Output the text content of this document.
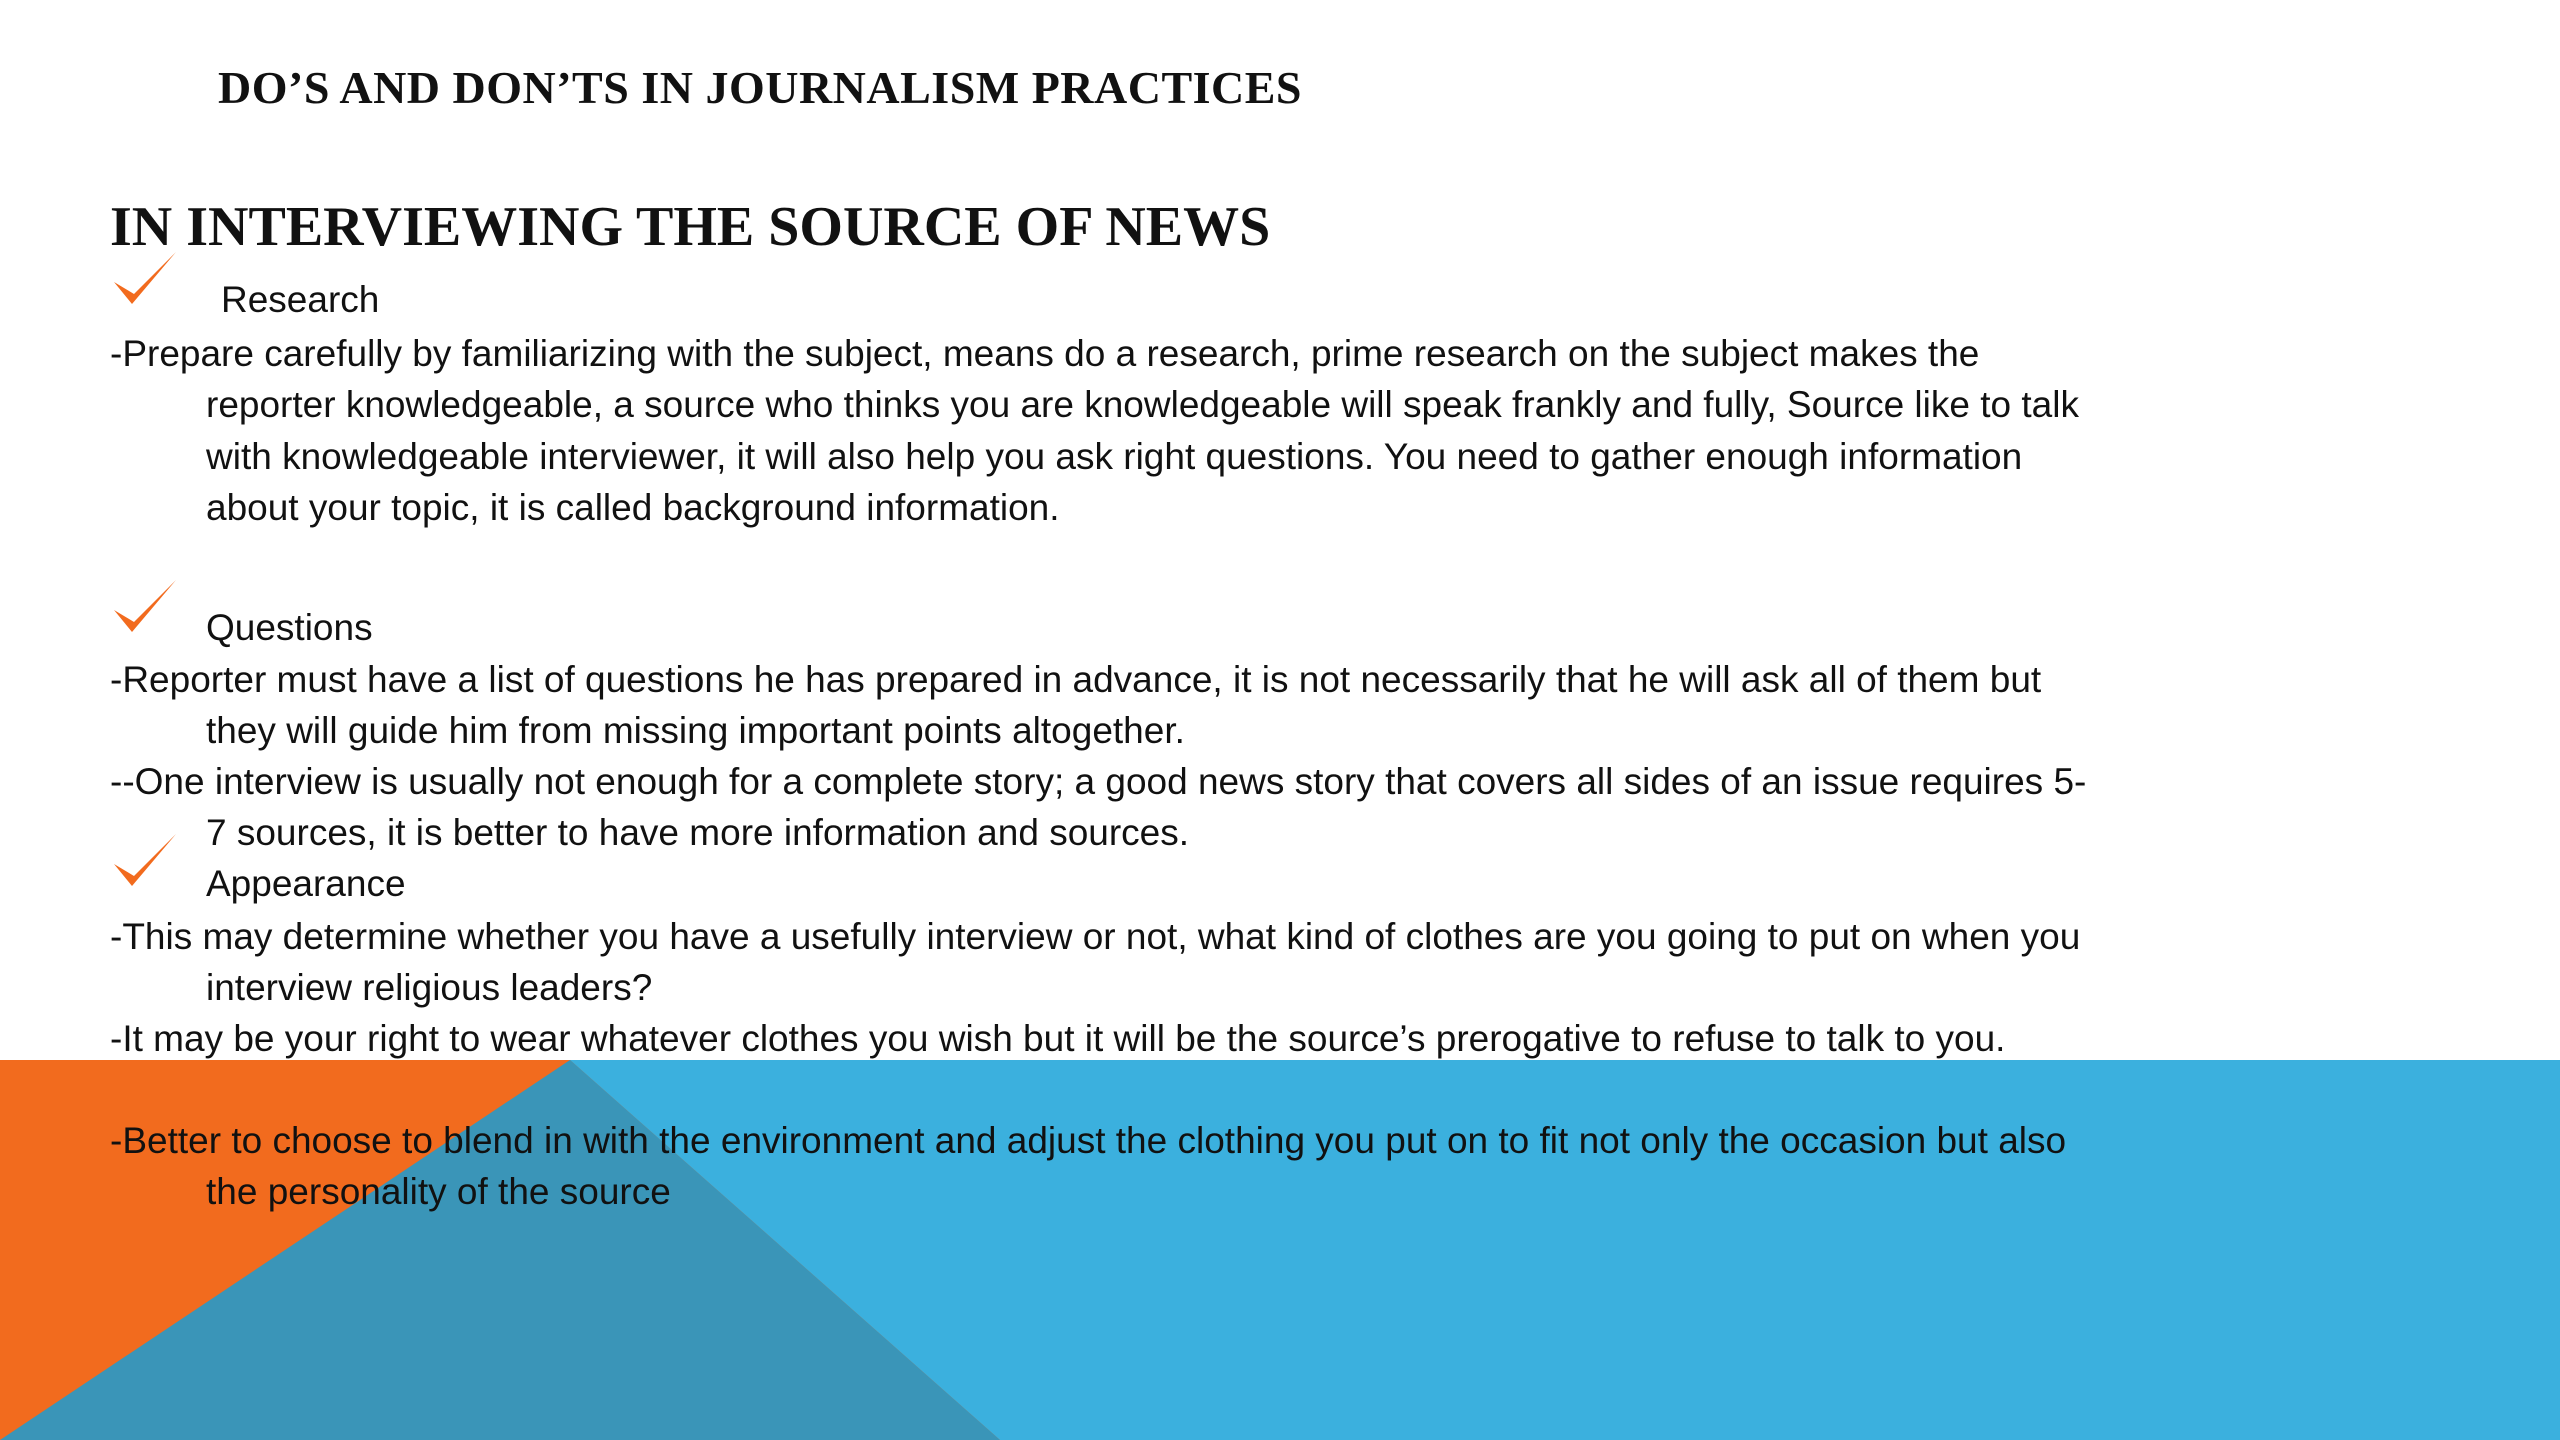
DO’S AND DON’TS IN JOURNALISM PRACTICES
IN INTERVIEWING THE SOURCE OF NEWS
Research

-Prepare carefully by familiarizing with the subject, means do a research, prime research on the subject makes the reporter knowledgeable, a source who thinks you are knowledgeable will speak frankly and fully, Source like to talk with knowledgeable interviewer, it will also help you ask right questions. You need to gather enough information about your topic, it is called background information.

Questions

-Reporter must have a list of questions he has prepared in advance, it is not necessarily that he will ask all of them but they will guide him from missing important points altogether.

--One interview is usually not enough for a complete story; a good news story that covers all sides of an issue requires 5-7 sources, it is better to have more information and sources.

Appearance

-This may determine whether you have a usefully interview or not, what kind of clothes are you going to put on when you interview religious leaders?

-It may be your right to wear whatever clothes you wish but it will be the source’s prerogative to refuse to talk to you.

-Better to choose to blend in with the environment and adjust the clothing you put on to fit not only the occasion but also the personality of the source
